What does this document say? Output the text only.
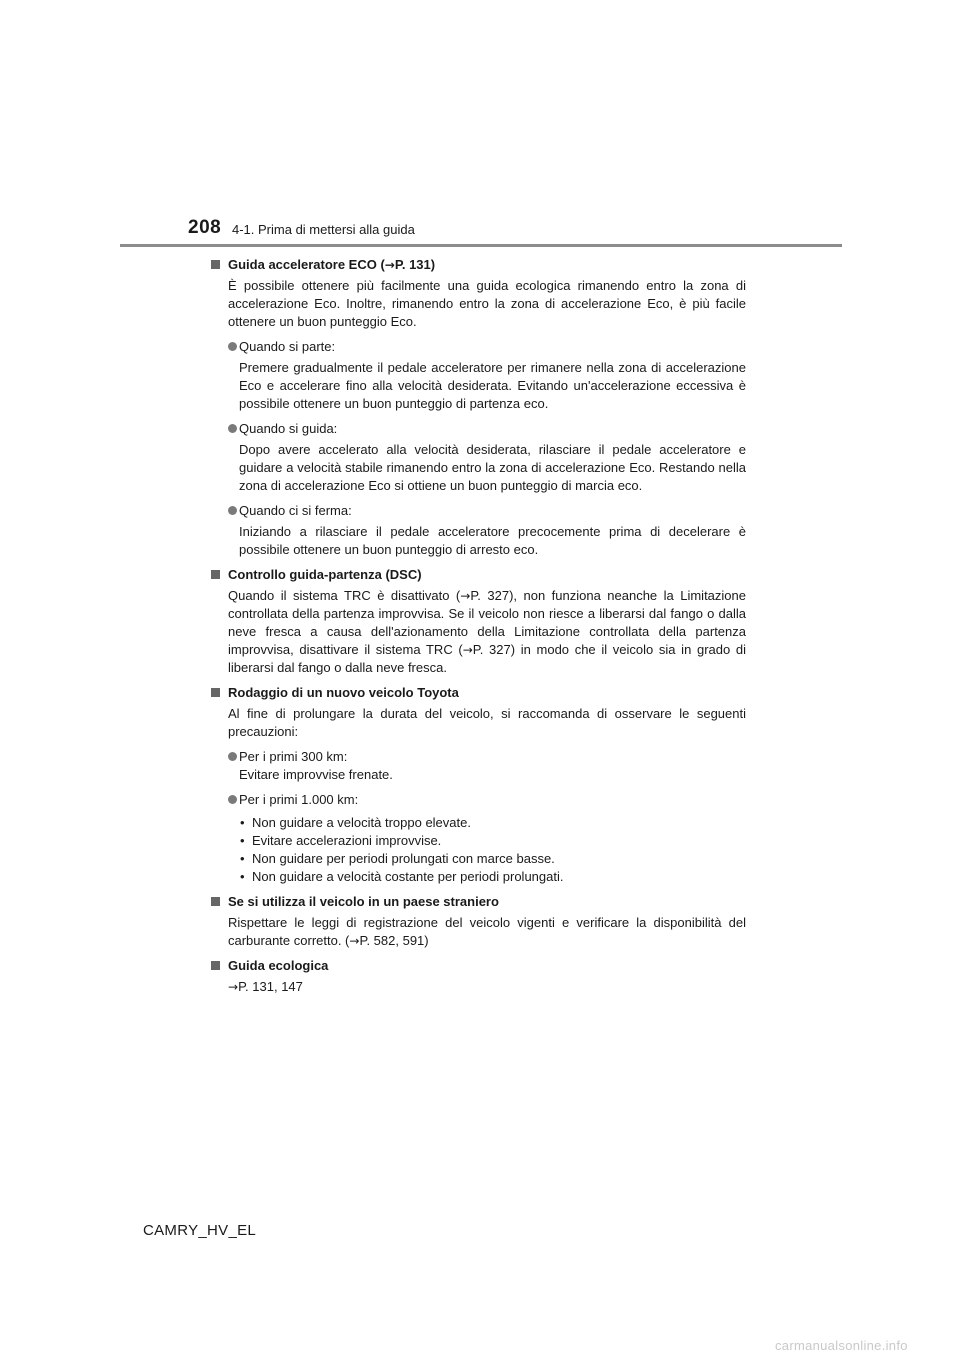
208 4-1. Prima di mettersi alla guida
Guida acceleratore ECO (→P. 131)
È possibile ottenere più facilmente una guida ecologica rimanendo entro la zona di accelerazione Eco. Inoltre, rimanendo entro la zona di accelerazione Eco, è più facile ottenere un buon punteggio Eco.
Quando si parte:
Premere gradualmente il pedale acceleratore per rimanere nella zona di accelerazione Eco e accelerare fino alla velocità desiderata. Evitando un'accelerazione eccessiva è possibile ottenere un buon punteggio di partenza eco.
Quando si guida:
Dopo avere accelerato alla velocità desiderata, rilasciare il pedale acceleratore e guidare a velocità stabile rimanendo entro la zona di accelerazione Eco. Restando nella zona di accelerazione Eco si ottiene un buon punteggio di marcia eco.
Quando ci si ferma:
Iniziando a rilasciare il pedale acceleratore precocemente prima di decelerare è possibile ottenere un buon punteggio di arresto eco.
Controllo guida-partenza (DSC)
Quando il sistema TRC è disattivato (→P. 327), non funziona neanche la Limitazione controllata della partenza improvvisa. Se il veicolo non riesce a liberarsi dal fango o dalla neve fresca a causa dell'azionamento della Limitazione controllata della partenza improvvisa, disattivare il sistema TRC (→P. 327) in modo che il veicolo sia in grado di liberarsi dal fango o dalla neve fresca.
Rodaggio di un nuovo veicolo Toyota
Al fine di prolungare la durata del veicolo, si raccomanda di osservare le seguenti precauzioni:
Per i primi 300 km:
Evitare improvvise frenate.
Per i primi 1.000 km:
• Non guidare a velocità troppo elevate.
• Evitare accelerazioni improvvise.
• Non guidare per periodi prolungati con marce basse.
• Non guidare a velocità costante per periodi prolungati.
Se si utilizza il veicolo in un paese straniero
Rispettare le leggi di registrazione del veicolo vigenti e verificare la disponibilità del carburante corretto. (→P. 582, 591)
Guida ecologica
→P. 131, 147
CAMRY_HV_EL
carmanualsonline.info
